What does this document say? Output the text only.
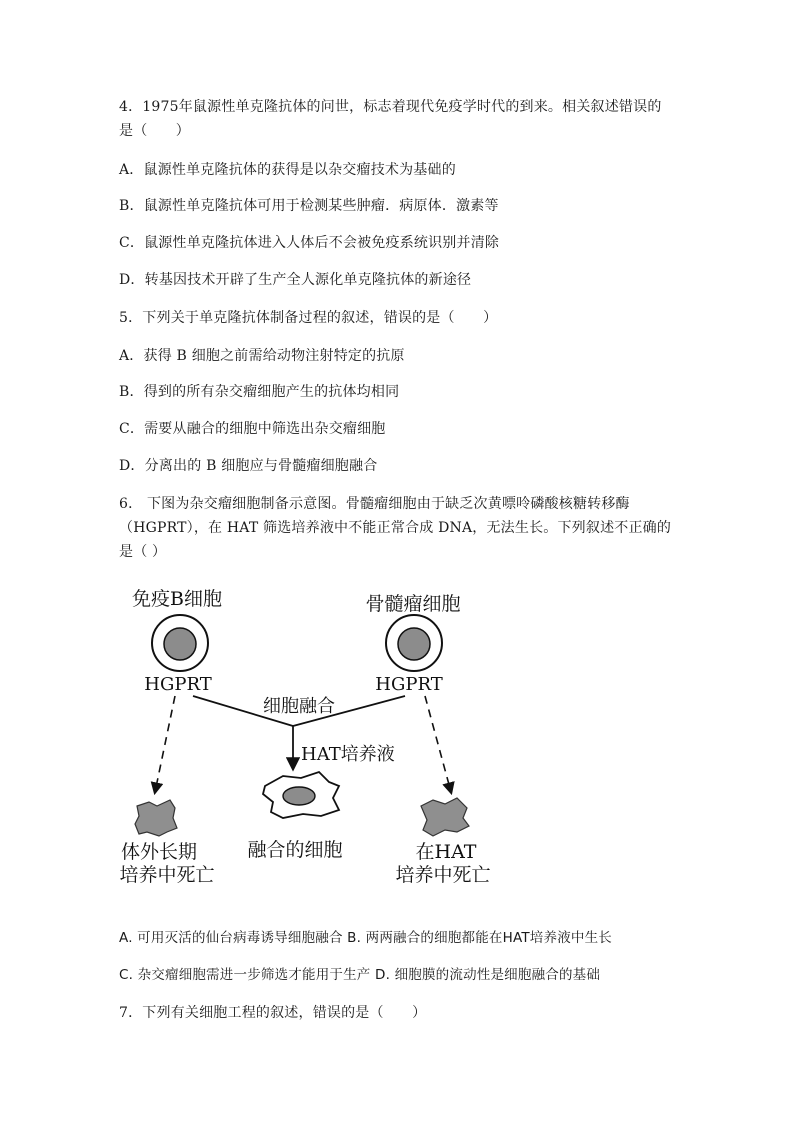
4．1975年鼠源性单克隆抗体的问世，标志着现代免疫学时代的到来。相关叙述错误的
是（　　）
A．鼠源性单克隆抗体的获得是以杂交瘤技术为基础的
B．鼠源性单克隆抗体可用于检测某些肿瘤．病原体．激素等
C．鼠源性单克隆抗体进入人体后不会被免疫系统识别并清除
D．转基因技术开辟了生产全人源化单克隆抗体的新途径
5．下列关于单克隆抗体制备过程的叙述，错误的是（　　）
A．获得 B 细胞之前需给动物注射特定的抗原
B．得到的所有杂交瘤细胞产生的抗体均相同
C．需要从融合的细胞中筛选出杂交瘤细胞
D．分离出的 B 细胞应与骨髓瘤细胞融合
6． 下图为杂交瘤细胞制备示意图。骨髓瘤细胞由于缺乏次黄嘌呤磷酸核糖转移酶
（HGPRT），在 HAT 筛选培养液中不能正常合成 DNA，无法生长。下列叙述不正确的
是（ ）
免疫B细胞	骨髓瘤细胞
HGPRT	HGPRT
细胞融合
HAT培养液
体外长期
培养中死亡
融合的细胞	在HAT
培养中死亡
A. 可用灭活的仙台病毒诱导细胞融合 B. 两两融合的细胞都能在HAT培养液中生长
C. 杂交瘤细胞需进一步筛选才能用于生产 D. 细胞膜的流动性是细胞融合的基础
7．下列有关细胞工程的叙述，错误的是（　　）
